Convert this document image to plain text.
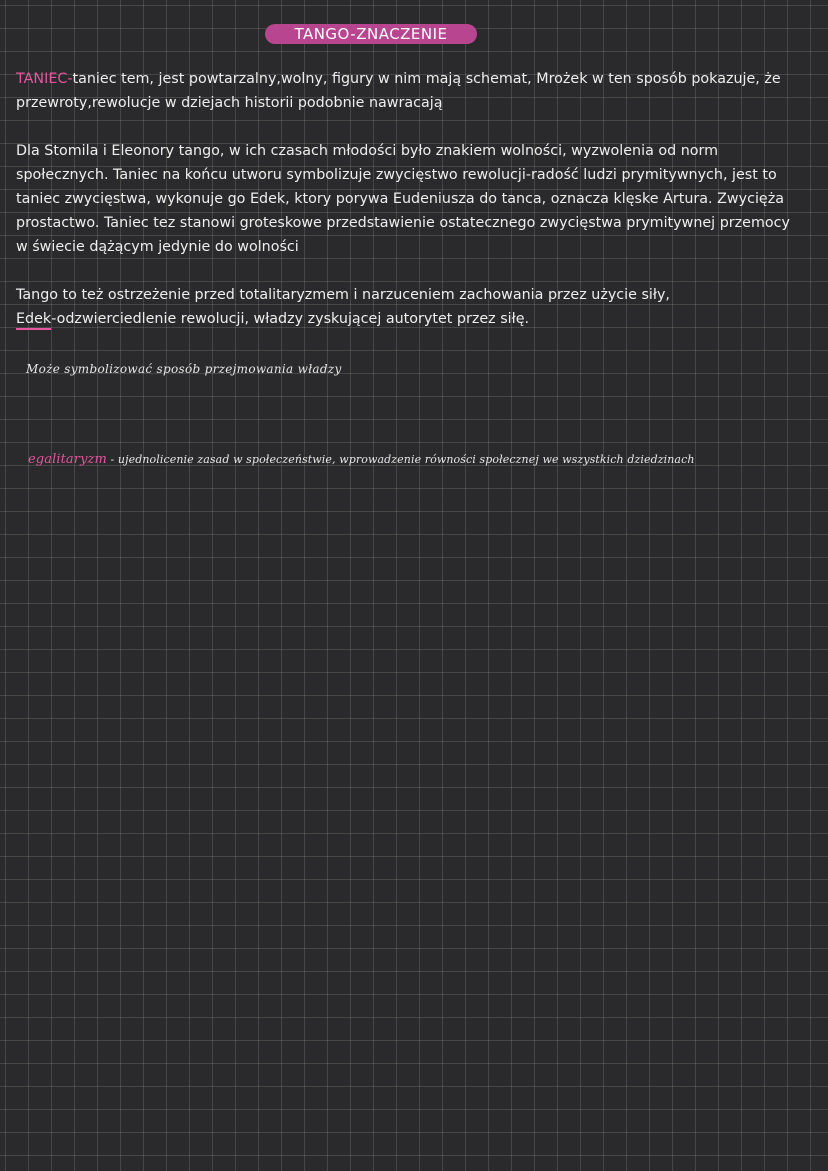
TANGO-ZNACZENIE
TANIEC-taniec tem, jest powtarzalny,wolny, figury w nim mają schemat, Mrożek w ten sposób pokazuje, że przewroty,rewolucje w dziejach historii podobnie nawracają
Dla Stomila i Eleonory tango, w ich czasach młodości było znakiem wolności, wyzwolenia od norm społecznych. Taniec na końcu utworu symbolizuje zwycięstwo rewolucji-radość ludzi prymitywnych, jest to taniec zwycięstwa, wykonuje go Edek, ktory porywa Eudeniusza do tanca, oznacza klęske Artura. Zwycięża prostactwo. Taniec tez stanowi groteskowe przedstawienie ostatecznego zwycięstwa prymitywnej przemocy w świecie dążącym jedynie do wolności
Tango to też ostrzeżenie przed totalitaryzmem i narzuceniem zachowania przez użycie siły,
Edek-odzwierciedlenie rewolucji, władzy zyskującej autorytet przez siłę.
Może symbolizować sposób przejmowania władzy
egalitaryzm - ujednolicenie zasad w społeczeństwie, wprowadzenie równości społecznej we wszystkich dziedzinach
